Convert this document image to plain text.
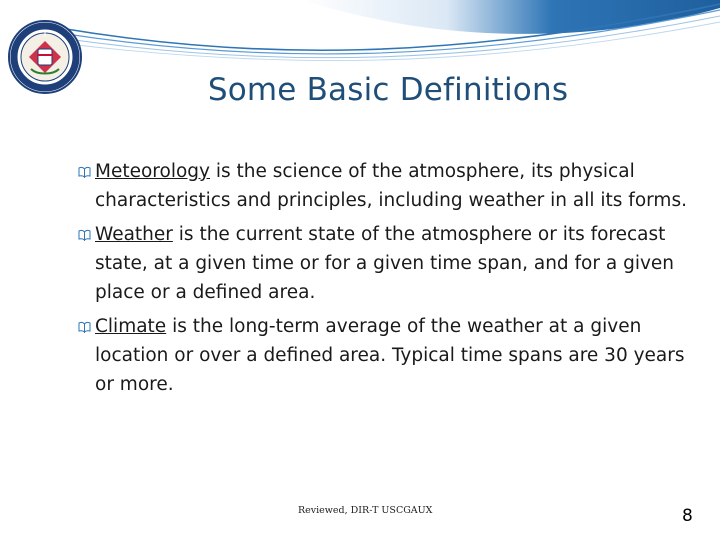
Some Basic Definitions
Meteorology is the science of the atmosphere, its physical characteristics and principles, including weather in all its forms.
Weather is the current state of the atmosphere or its forecast state, at a given time or for a given time span, and for a given place or a defined area.
Climate is the long-term average of the weather at a given location or over a defined area. Typical time spans are 30 years or more.
Reviewed, DIR-T USCGAUX	8
